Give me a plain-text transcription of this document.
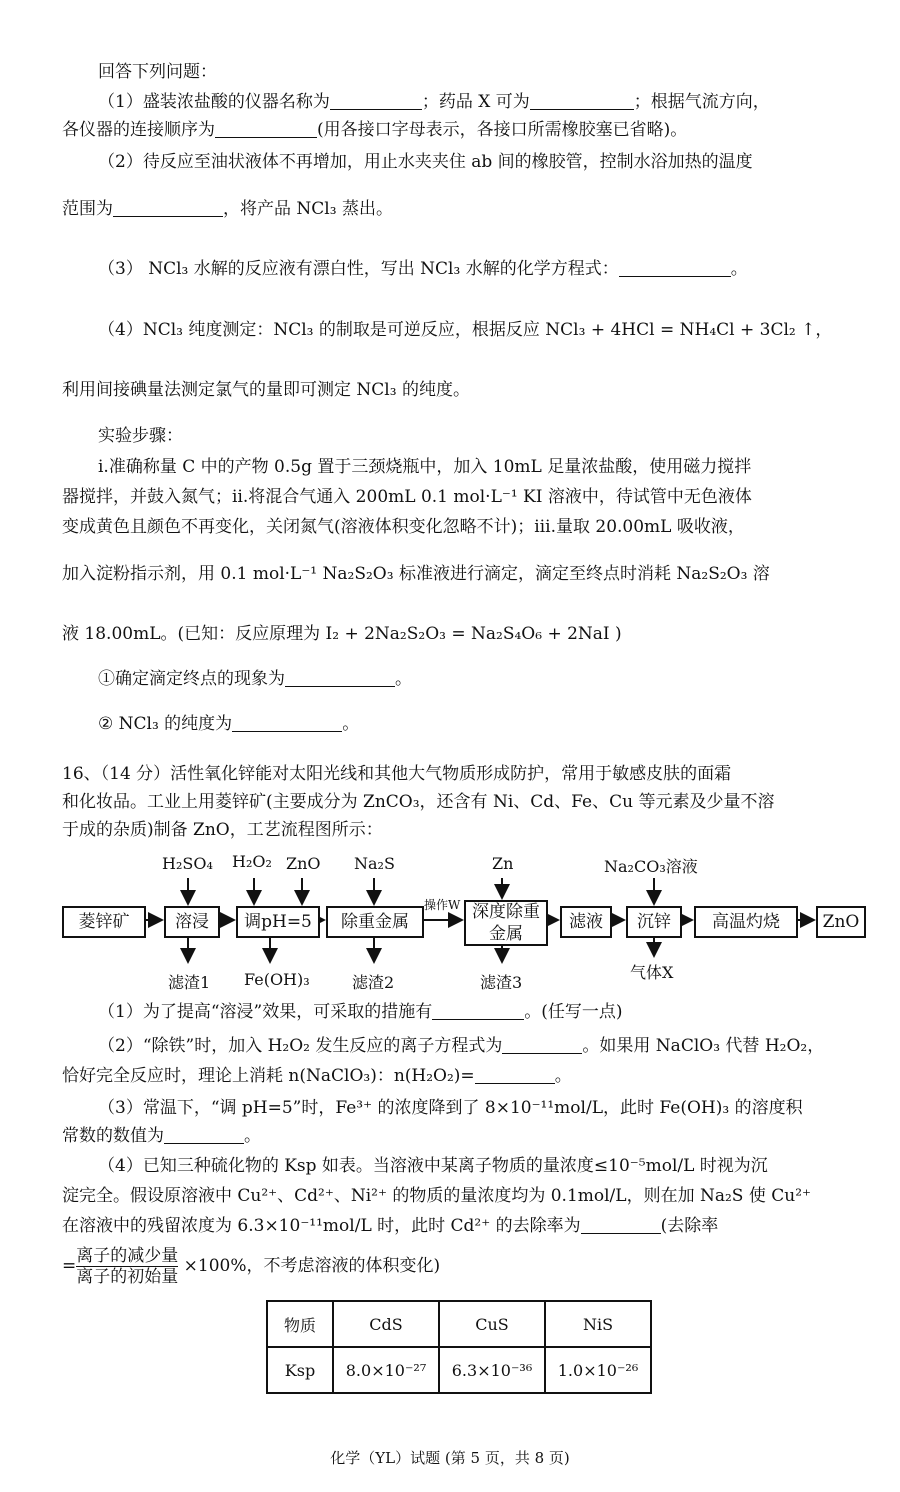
回答下列问题：
（1）盛装浓盐酸的仪器名称为	；药品 X 可为	；根据气流方向，
各仪器的连接顺序为	(用各接口字母表示，各接口所需橡胶塞已省略)。
（2）待反应至油状液体不再增加，用止水夹夹住 ab 间的橡胶管，控制水浴加热的温度
范围为	，将产品 NCl₃ 蒸出。
（3） NCl₃ 水解的反应液有漂白性，写出 NCl₃ 水解的化学方程式：	。
（4）NCl₃ 纯度测定：NCl₃ 的制取是可逆反应，根据反应 NCl₃ + 4HCl = NH₄Cl + 3Cl₂ ↑，
利用间接碘量法测定氯气的量即可测定 NCl₃ 的纯度。
实验步骤：
ⅰ.准确称量 C 中的产物 0.5g 置于三颈烧瓶中，加入 10mL 足量浓盐酸，使用磁力搅拌
器搅拌，并鼓入氮气；ⅱ.将混合气通入 200mL 0.1 mol·L⁻¹ KI 溶液中，待试管中无色液体
变成黄色且颜色不再变化，关闭氮气(溶液体积变化忽略不计)；ⅲ.量取 20.00mL 吸收液，
加入淀粉指示剂，用 0.1 mol·L⁻¹ Na₂S₂O₃ 标准液进行滴定，滴定至终点时消耗 Na₂S₂O₃ 溶
液 18.00mL。(已知：反应原理为 I₂ + 2Na₂S₂O₃ = Na₂S₄O₆ + 2NaI )
①确定滴定终点的现象为	。
② NCl₃ 的纯度为	。
16、（14 分）活性氧化锌能对太阳光线和其他大气物质形成防护，常用于敏感皮肤的面霜
和化妆品。工业上用菱锌矿(主要成分为 ZnCO₃，还含有 Ni、Cd、Fe、Cu 等元素及少量不溶
于成的杂质)制备 ZnO，工艺流程图所示：
菱锌矿	溶浸 调pH=5 除重金属	深度除重金属
滤液 沉锌 高温灼烧	ZnO
H₂SO₄ H₂O₂ ZnO Na₂S	Zn	Na₂CO₃溶液
滤渣1 Fe(OH)₃	滤渣2	滤渣3
气体X
操作W
（1）为了提高“溶浸”效果，可采取的措施有	。(任写一点)
（2）“除铁”时，加入 H₂O₂ 发生反应的离子方程式为	。如果用 NaClO₃ 代替 H₂O₂，
恰好完全反应时，理论上消耗 n(NaClO₃)：n(H₂O₂)=	。
（3）常温下，“调 pH=5”时，Fe³⁺ 的浓度降到了 8×10⁻¹¹mol/L，此时 Fe(OH)₃ 的溶度积
常数的数值为	。
（4）已知三种硫化物的 Ksp 如表。当溶液中某离子物质的量浓度≤10⁻⁵mol/L 时视为沉
淀完全。假设原溶液中 Cu²⁺、Cd²⁺、Ni²⁺ 的物质的量浓度均为 0.1mol/L，则在加 Na₂S 使 Cu²⁺
在溶液中的残留浓度为 6.3×10⁻¹¹mol/L 时，此时 Cd²⁺ 的去除率为	(去除率
= $\frac{\text{离子的减少量}}{\text{离子的初始量}} \times 100\%$，不考虑溶液的体积变化)
物质	CdS	CuS	NiS
Ksp	8.0×10⁻²⁷	6.3×10⁻³⁶	1.0×10⁻²⁶
化学（YL）试题 (第 5 页，共 8 页)
